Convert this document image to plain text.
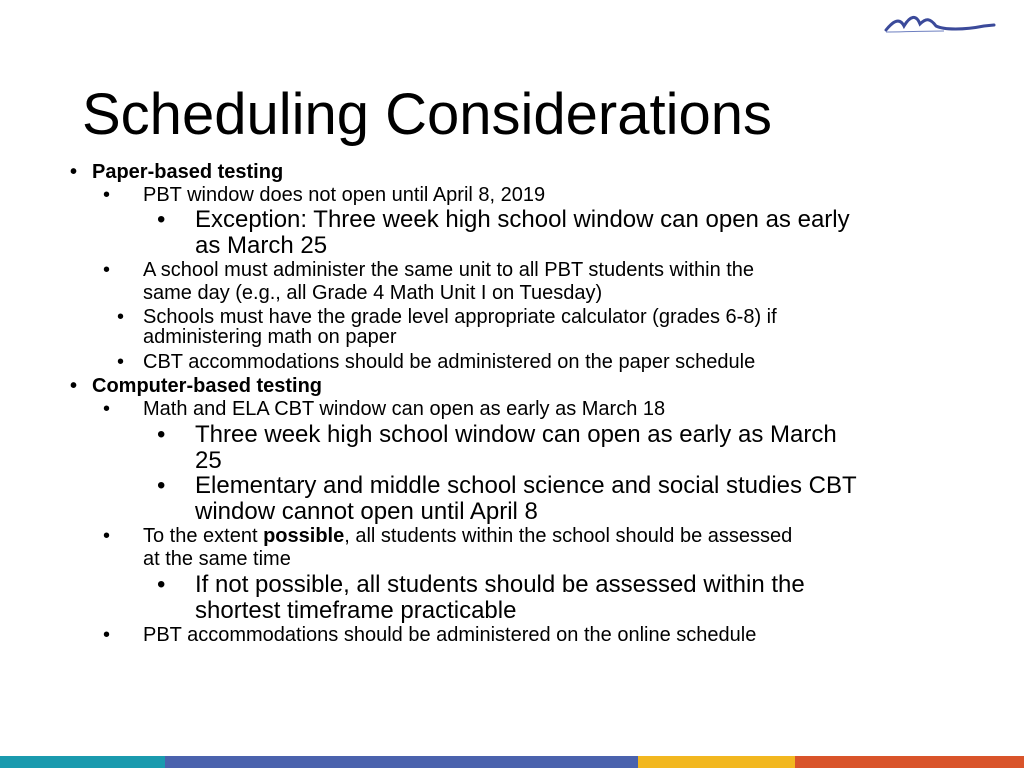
Scheduling Considerations
• Paper-based testing
• PBT window does not open until April 8, 2019
• Exception: Three week high school window can open as early
as March 25
• A school must administer the same unit to all PBT students within the
same day (e.g., all Grade 4 Math Unit I on Tuesday)
• Schools must have the grade level appropriate calculator (grades 6-8) if
administering math on paper
• CBT accommodations should be administered on the paper schedule
• Computer-based testing
• Math and ELA CBT window can open as early as March 18
• Three week high school window can open as early as March
25
• Elementary and middle school science and social studies CBT
window cannot open until April 8
• To the extent possible, all students within the school should be assessed
at the same time
• If not possible, all students should be assessed within the
shortest timeframe practicable
• PBT accommodations should be administered on the online schedule
